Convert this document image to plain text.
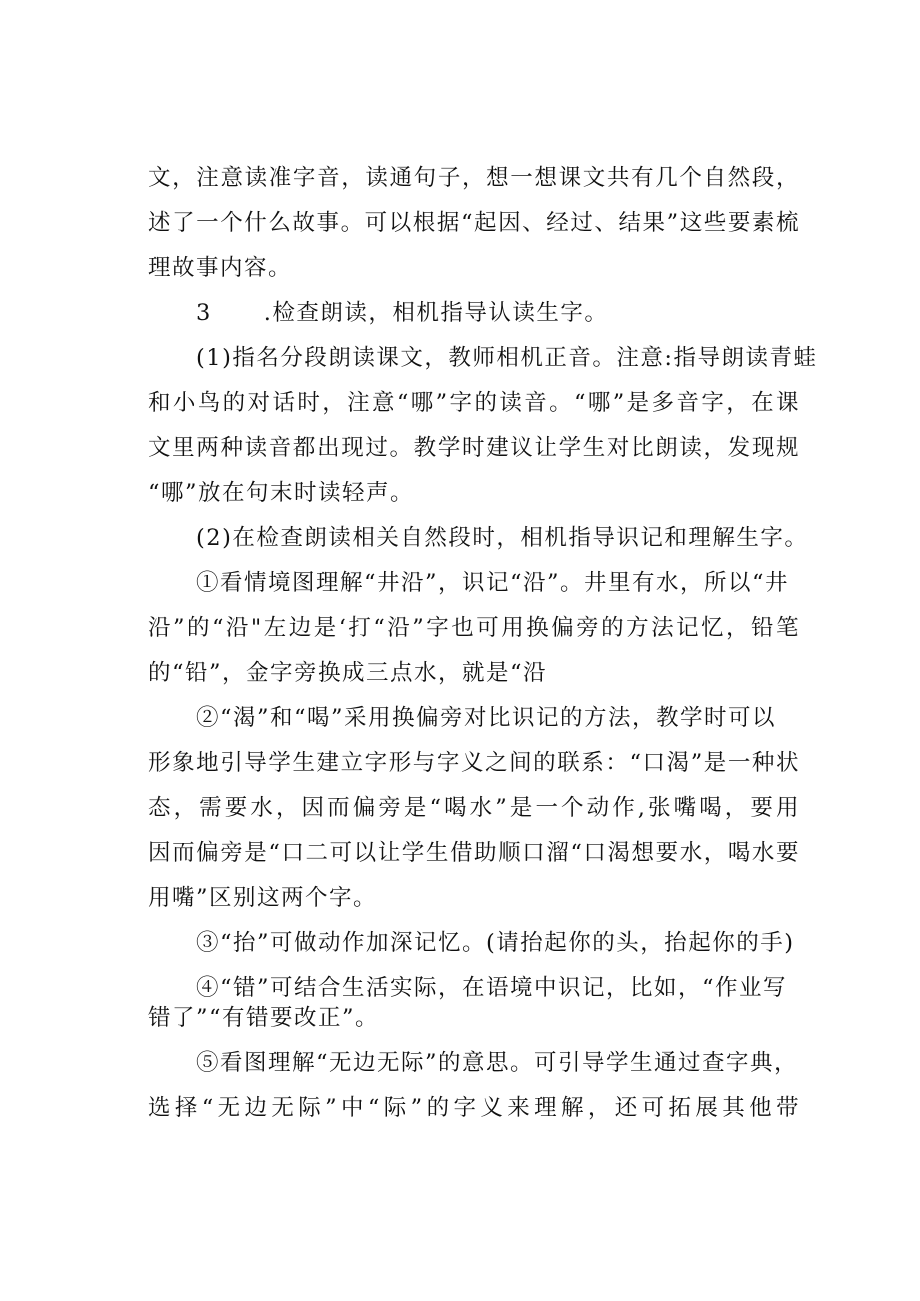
文，注意读准字音，读通句子，想一想课文共有几个自然段，
述了一个什么故事。可以根据“起因、经过、结果”这些要素梳
理故事内容。
3      .检查朗读，相机指导认读生字。
(1)指名分段朗读课文，教师相机正音。注意:指导朗读青蛙
和小鸟的对话时，注意“哪”字的读音。“哪”是多音字，在课
文里两种读音都出现过。教学时建议让学生对比朗读，发现规
“哪”放在句末时读轻声。
(2)在检查朗读相关自然段时，相机指导识记和理解生字。
①看情境图理解“井沿”，识记“沿”。井里有水，所以“井
沿”的“沿"左边是‘打“沿”字也可用换偏旁的方法记忆，铅笔
的“铅”，金字旁换成三点水，就是“沿
②“渴”和“喝”采用换偏旁对比识记的方法，教学时可以
形象地引导学生建立字形与字义之间的联系：“口渴”是一种状
态，需要水，因而偏旁是“喝水”是一个动作,张嘴喝，要用
因而偏旁是“口二可以让学生借助顺口溜“口渴想要水，喝水要
用嘴”区别这两个字。
③“抬”可做动作加深记忆。(请抬起你的头，抬起你的手)
④“错”可结合生活实际，在语境中识记，比如，“作业写
错了”“有错要改正”。
⑤看图理解“无边无际”的意思。可引导学生通过查字典，
选择“无边无际”中“际”的字义来理解，还可拓展其他带
